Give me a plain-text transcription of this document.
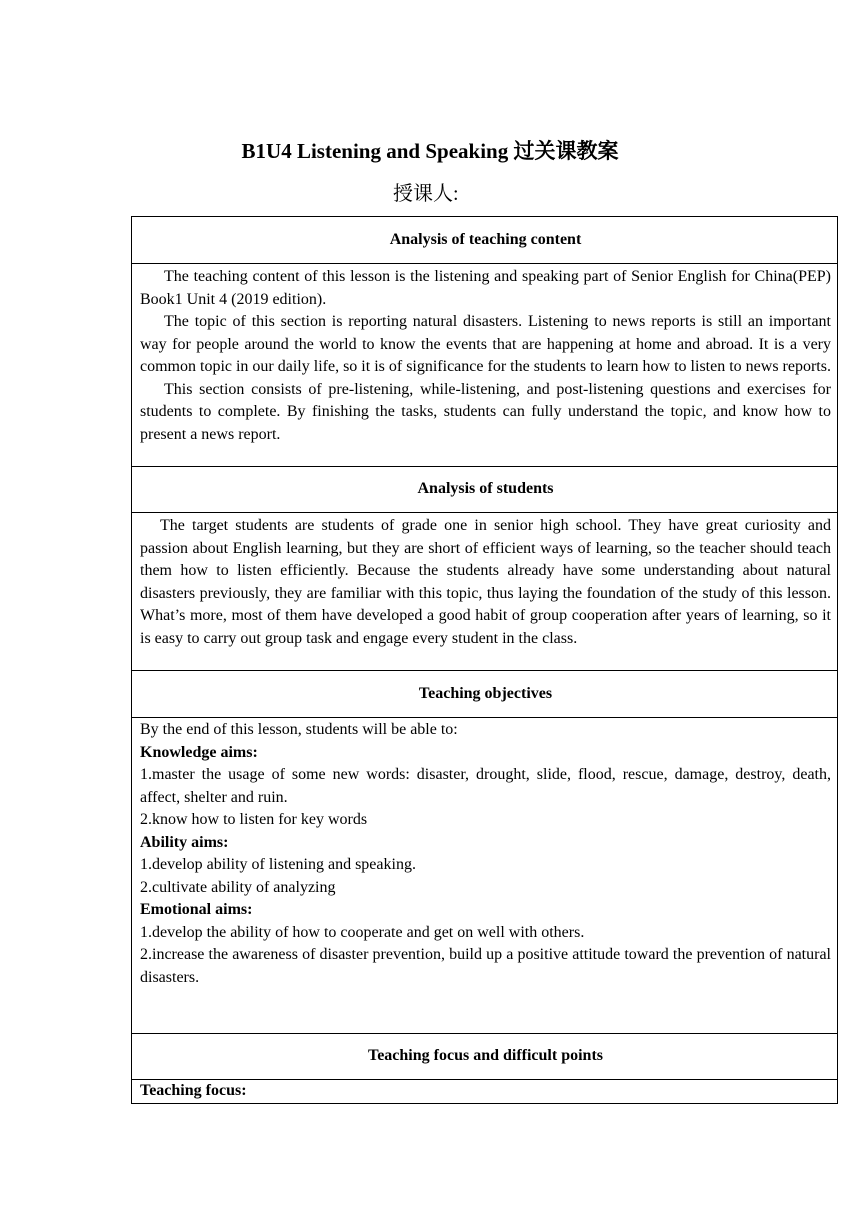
B1U4 Listening and Speaking 过关课教案
授课人:
Analysis of teaching content

The teaching content of this lesson is the listening and speaking part of Senior English for China(PEP) Book1 Unit 4 (2019 edition).

The topic of this section is reporting natural disasters. Listening to news reports is still an important way for people around the world to know the events that are happening at home and abroad. It is a very common topic in our daily life, so it is of significance for the students to learn how to listen to news reports.

This section consists of pre-listening, while-listening, and post-listening questions and exercises for students to complete. By finishing the tasks, students can fully understand the topic, and know how to present a news report.

Analysis of students

The target students are students of grade one in senior high school. They have great curiosity and passion about English learning, but they are short of efficient ways of learning, so the teacher should teach them how to listen efficiently. Because the students already have some understanding about natural disasters previously, they are familiar with this topic, thus laying the foundation of the study of this lesson. What’s more, most of them have developed a good habit of group cooperation after years of learning, so it is easy to carry out group task and engage every student in the class.

Teaching objectives

By the end of this lesson, students will be able to:

Knowledge aims:

1.master the usage of some new words: disaster, drought, slide, flood, rescue, damage, destroy, death, affect, shelter and ruin.

2.know how to listen for key words

Ability aims:

1.develop ability of listening and speaking.

2.cultivate ability of analyzing

Emotional aims:

1.develop the ability of how to cooperate and get on well with others.

2.increase the awareness of disaster prevention, build up a positive attitude toward the prevention of natural disasters.

Teaching focus and difficult points

Teaching focus:
